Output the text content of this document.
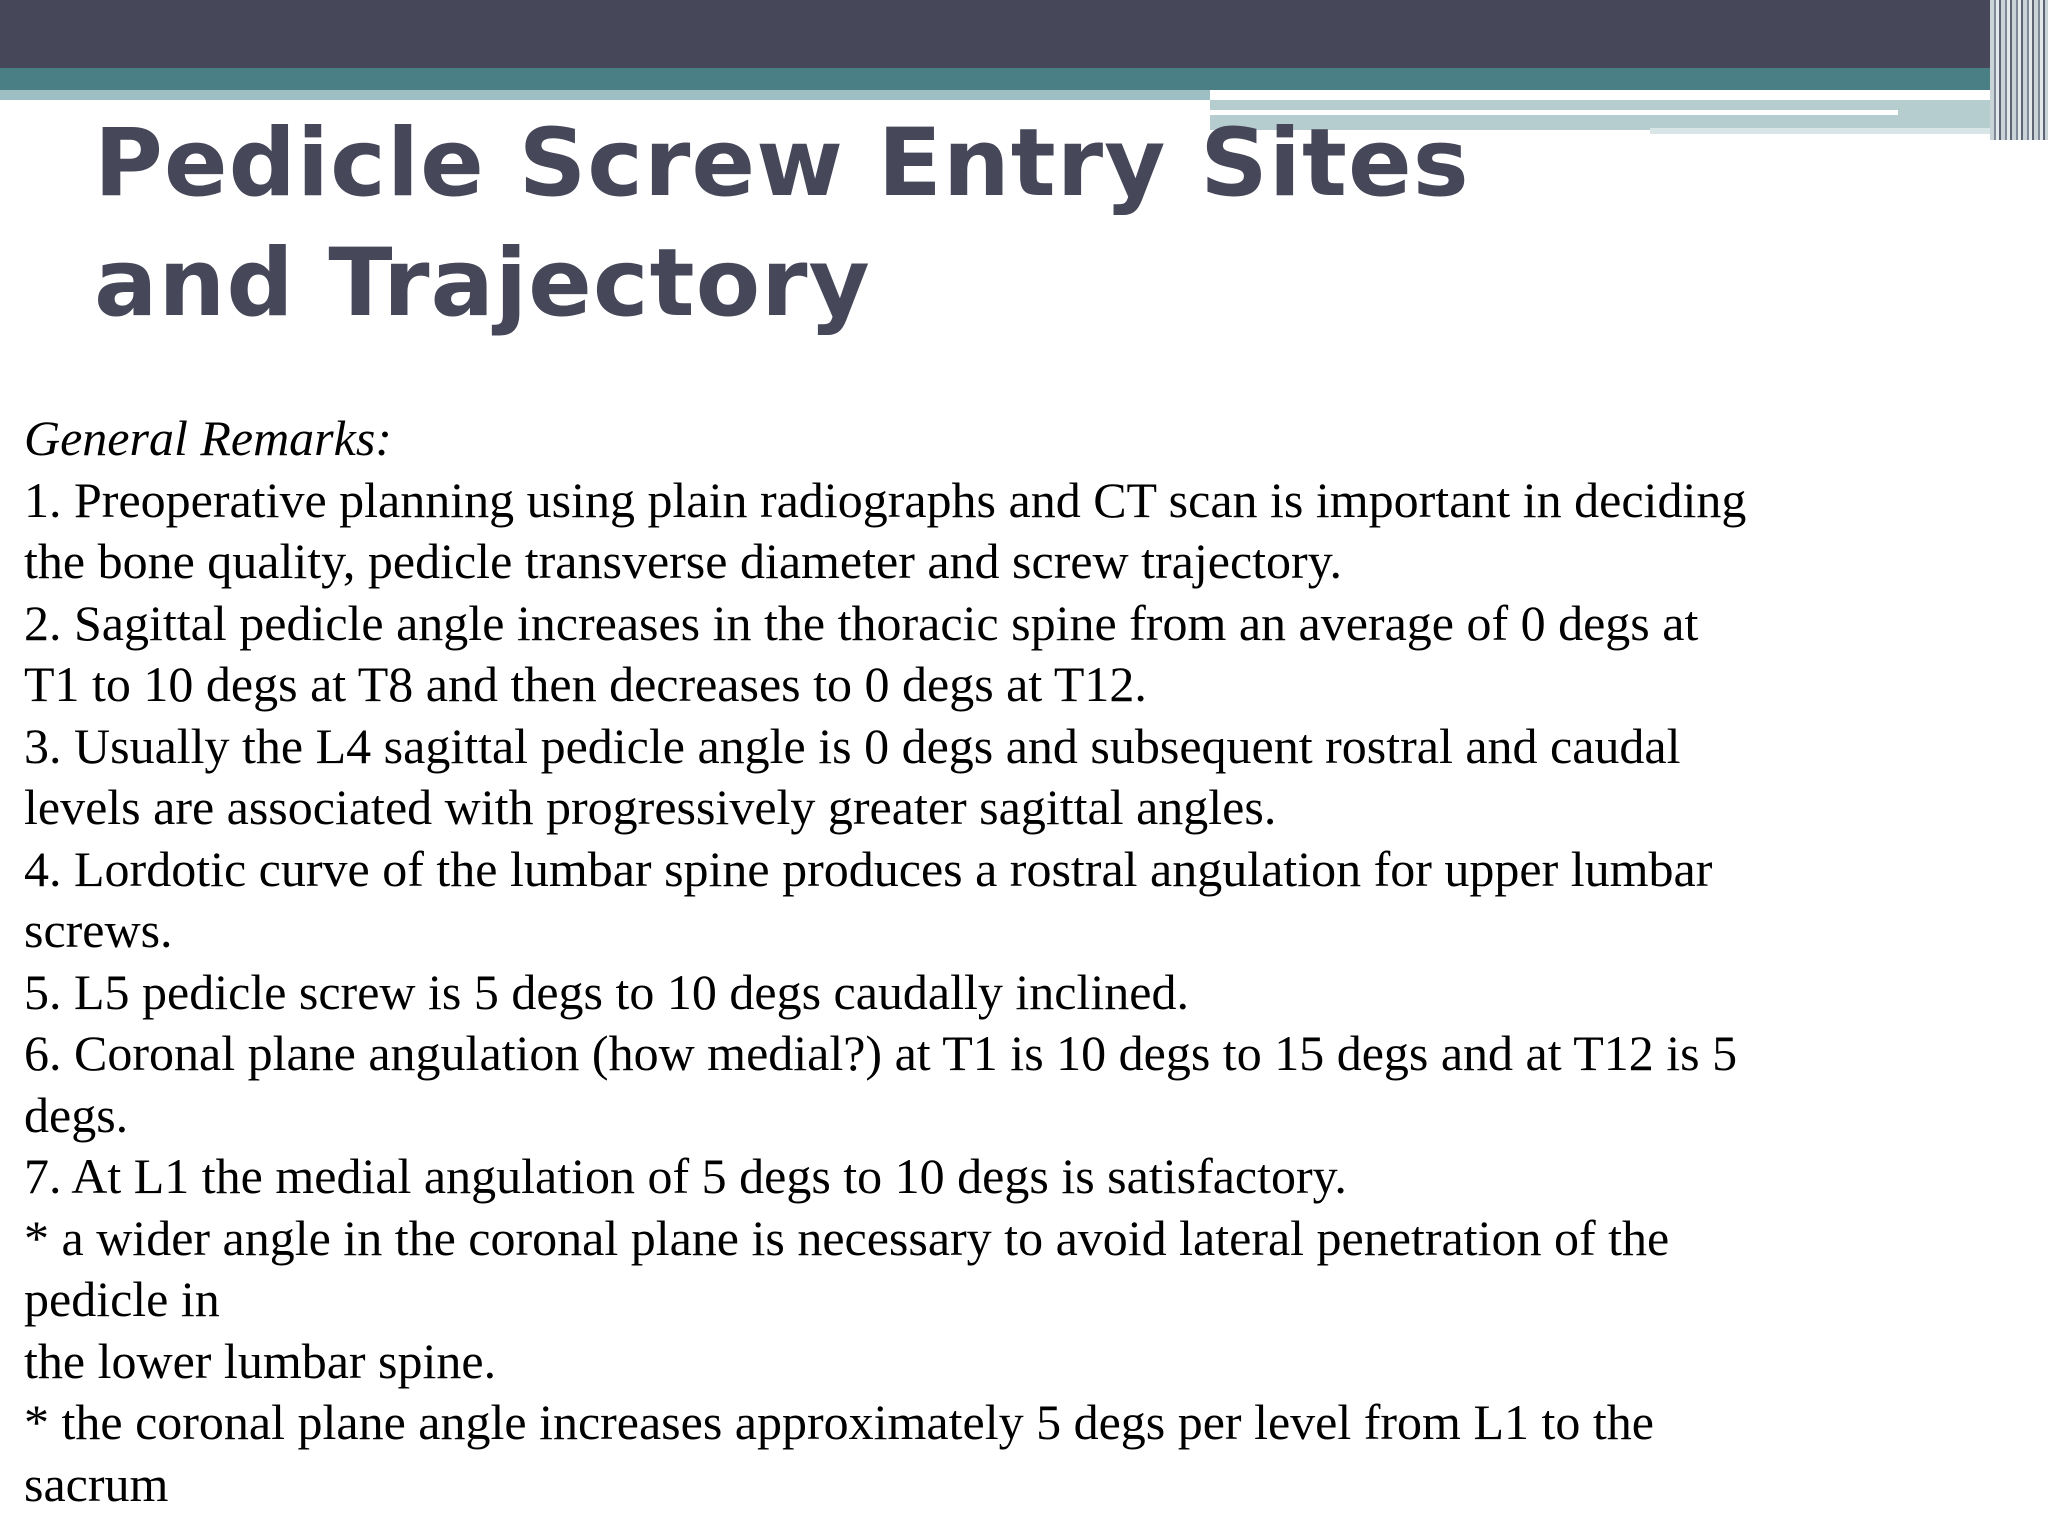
Pedicle Screw Entry Sites and Trajectory

General Remarks:

1. Preoperative planning using plain radiographs and CT scan is important in deciding

the bone quality, pedicle transverse diameter and screw trajectory.

2. Sagittal pedicle angle increases in the thoracic spine from an average of 0 degs at

T1 to 10 degs at T8 and then decreases to 0 degs at T12.

3. Usually the L4 sagittal pedicle angle is 0 degs and subsequent rostral and caudal

levels are associated with progressively greater sagittal angles.

4. Lordotic curve of the lumbar spine produces a rostral angulation for upper lumbar

screws.

5. L5 pedicle screw is 5 degs to 10 degs caudally inclined.

6. Coronal plane angulation (how medial?) at T1 is 10 degs to 15 degs and at T12 is 5

degs.

7. At L1 the medial angulation of 5 degs to 10 degs is satisfactory.

* a wider angle in the coronal plane is necessary to avoid lateral penetration of the

pedicle in

the lower lumbar spine.

* the coronal plane angle increases approximately 5 degs per level from L1 to the

sacrum
